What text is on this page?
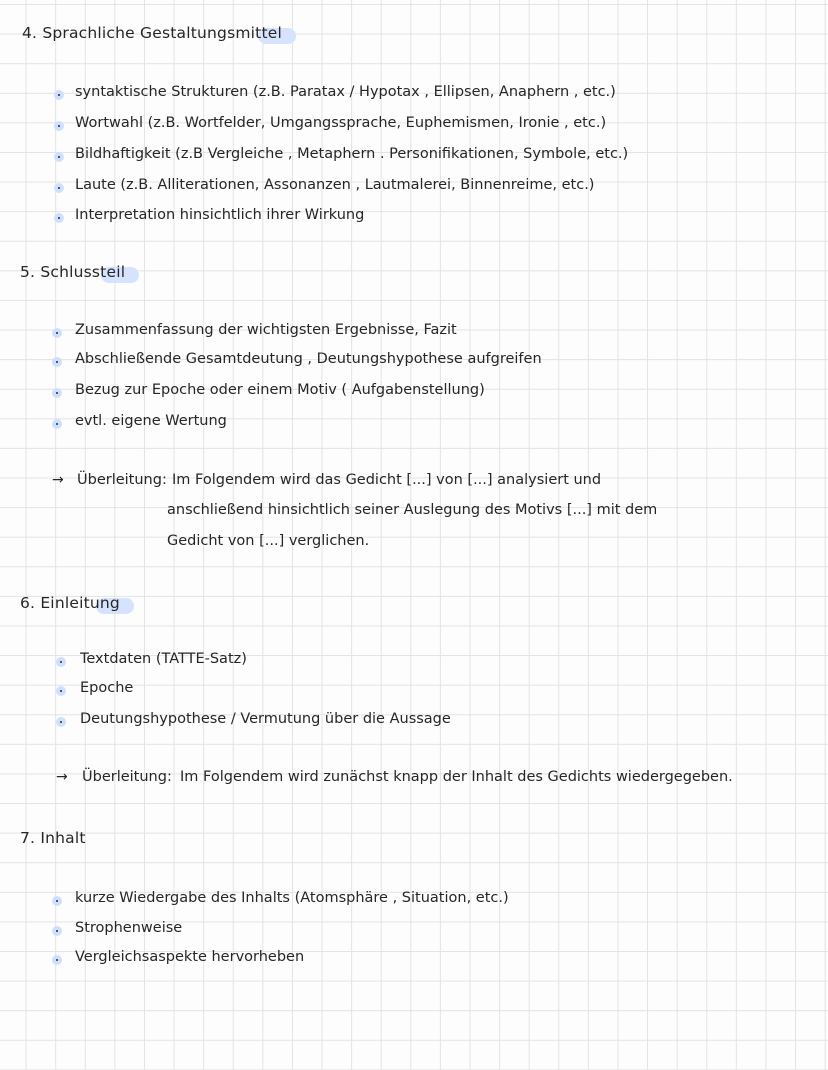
4. Sprachliche Gestaltungsmittel
syntaktische Strukturen (z.B. Paratax / Hypotax , Ellipsen, Anaphern , etc.)
Wortwahl (z.B. Wortfelder, Umgangssprache, Euphemismen, Ironie , etc.)
Bildhaftigkeit (z.B Vergleiche , Metaphern . Personifikationen, Symbole, etc.)
Laute (z.B. Alliterationen, Assonanzen , Lautmalerei, Binnenreime, etc.)
Interpretation hinsichtlich ihrer Wirkung
5. Schlussteil
Zusammenfassung der wichtigsten Ergebnisse, Fazit
Abschließende Gesamtdeutung , Deutungshypothese aufgreifen
Bezug zur Epoche oder einem Motiv ( Aufgabenstellung)
evtl. eigene Wertung
→ Überleitung: Im Folgendem wird das Gedicht [...] von [...] analysiert und
anschließend hinsichtlich seiner Auslegung des Motivs [...] mit dem
Gedicht von [...] verglichen.
6. Einleitung
Textdaten (TATTE-Satz)
Epoche
Deutungshypothese / Vermutung über die Aussage
→ Überleitung: Im Folgendem wird zunächst knapp der Inhalt des Gedichts wiedergegeben.
7. Inhalt
kurze Wiedergabe des Inhalts (Atomsphäre , Situation, etc.)
Strophenweise
Vergleichsaspekte hervorheben
